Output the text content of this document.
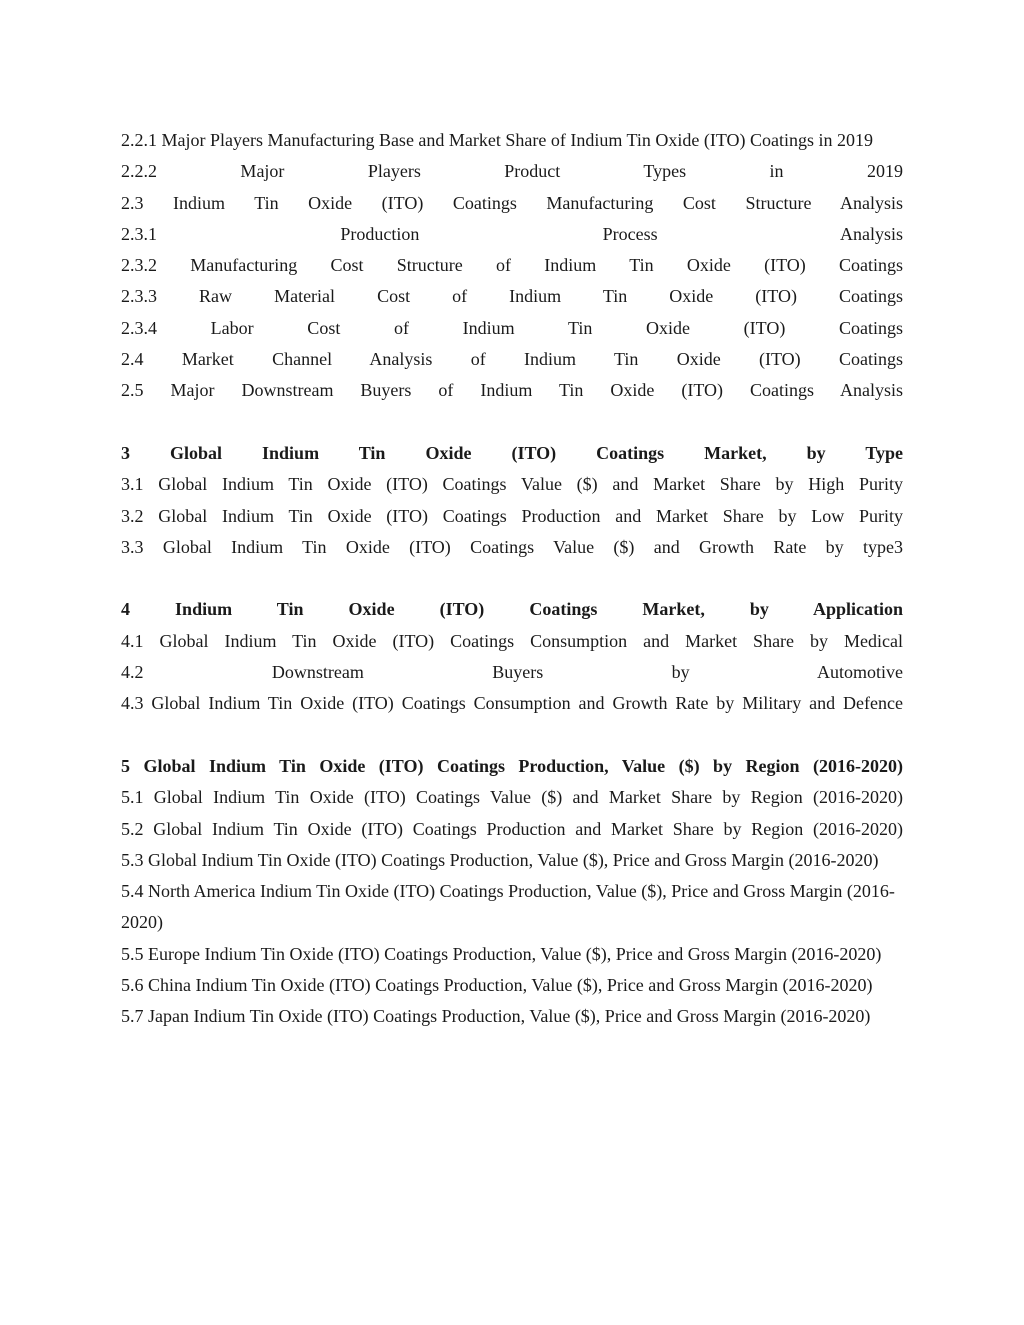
2.2.1 Major Players Manufacturing Base and Market Share of Indium Tin Oxide (ITO) Coatings in 2019
2.2.2 Major Players Product Types in 2019
2.3 Indium Tin Oxide (ITO) Coatings Manufacturing Cost Structure Analysis
2.3.1 Production Process Analysis
2.3.2 Manufacturing Cost Structure of Indium Tin Oxide (ITO) Coatings
2.3.3 Raw Material Cost of Indium Tin Oxide (ITO) Coatings
2.3.4 Labor Cost of Indium Tin Oxide (ITO) Coatings
2.4 Market Channel Analysis of Indium Tin Oxide (ITO) Coatings
2.5 Major Downstream Buyers of Indium Tin Oxide (ITO) Coatings Analysis
3 Global Indium Tin Oxide (ITO) Coatings Market, by Type
3.1 Global Indium Tin Oxide (ITO) Coatings Value ($) and Market Share by High Purity
3.2 Global Indium Tin Oxide (ITO) Coatings Production and Market Share by Low Purity
3.3 Global Indium Tin Oxide (ITO) Coatings Value ($) and Growth Rate by type3
4 Indium Tin Oxide (ITO) Coatings Market, by Application
4.1 Global Indium Tin Oxide (ITO) Coatings Consumption and Market Share by Medical
4.2 Downstream Buyers by Automotive
4.3 Global Indium Tin Oxide (ITO) Coatings Consumption and Growth Rate by Military and Defence
5 Global Indium Tin Oxide (ITO) Coatings Production, Value ($) by Region (2016-2020)
5.1 Global Indium Tin Oxide (ITO) Coatings Value ($) and Market Share by Region (2016-2020)
5.2 Global Indium Tin Oxide (ITO) Coatings Production and Market Share by Region (2016-2020)
5.3 Global Indium Tin Oxide (ITO) Coatings Production, Value ($), Price and Gross Margin (2016-2020)
5.4 North America Indium Tin Oxide (ITO) Coatings Production, Value ($), Price and Gross Margin (2016-2020)
5.5 Europe Indium Tin Oxide (ITO) Coatings Production, Value ($), Price and Gross Margin (2016-2020)
5.6 China Indium Tin Oxide (ITO) Coatings Production, Value ($), Price and Gross Margin (2016-2020)
5.7 Japan Indium Tin Oxide (ITO) Coatings Production, Value ($), Price and Gross Margin (2016-2020)
